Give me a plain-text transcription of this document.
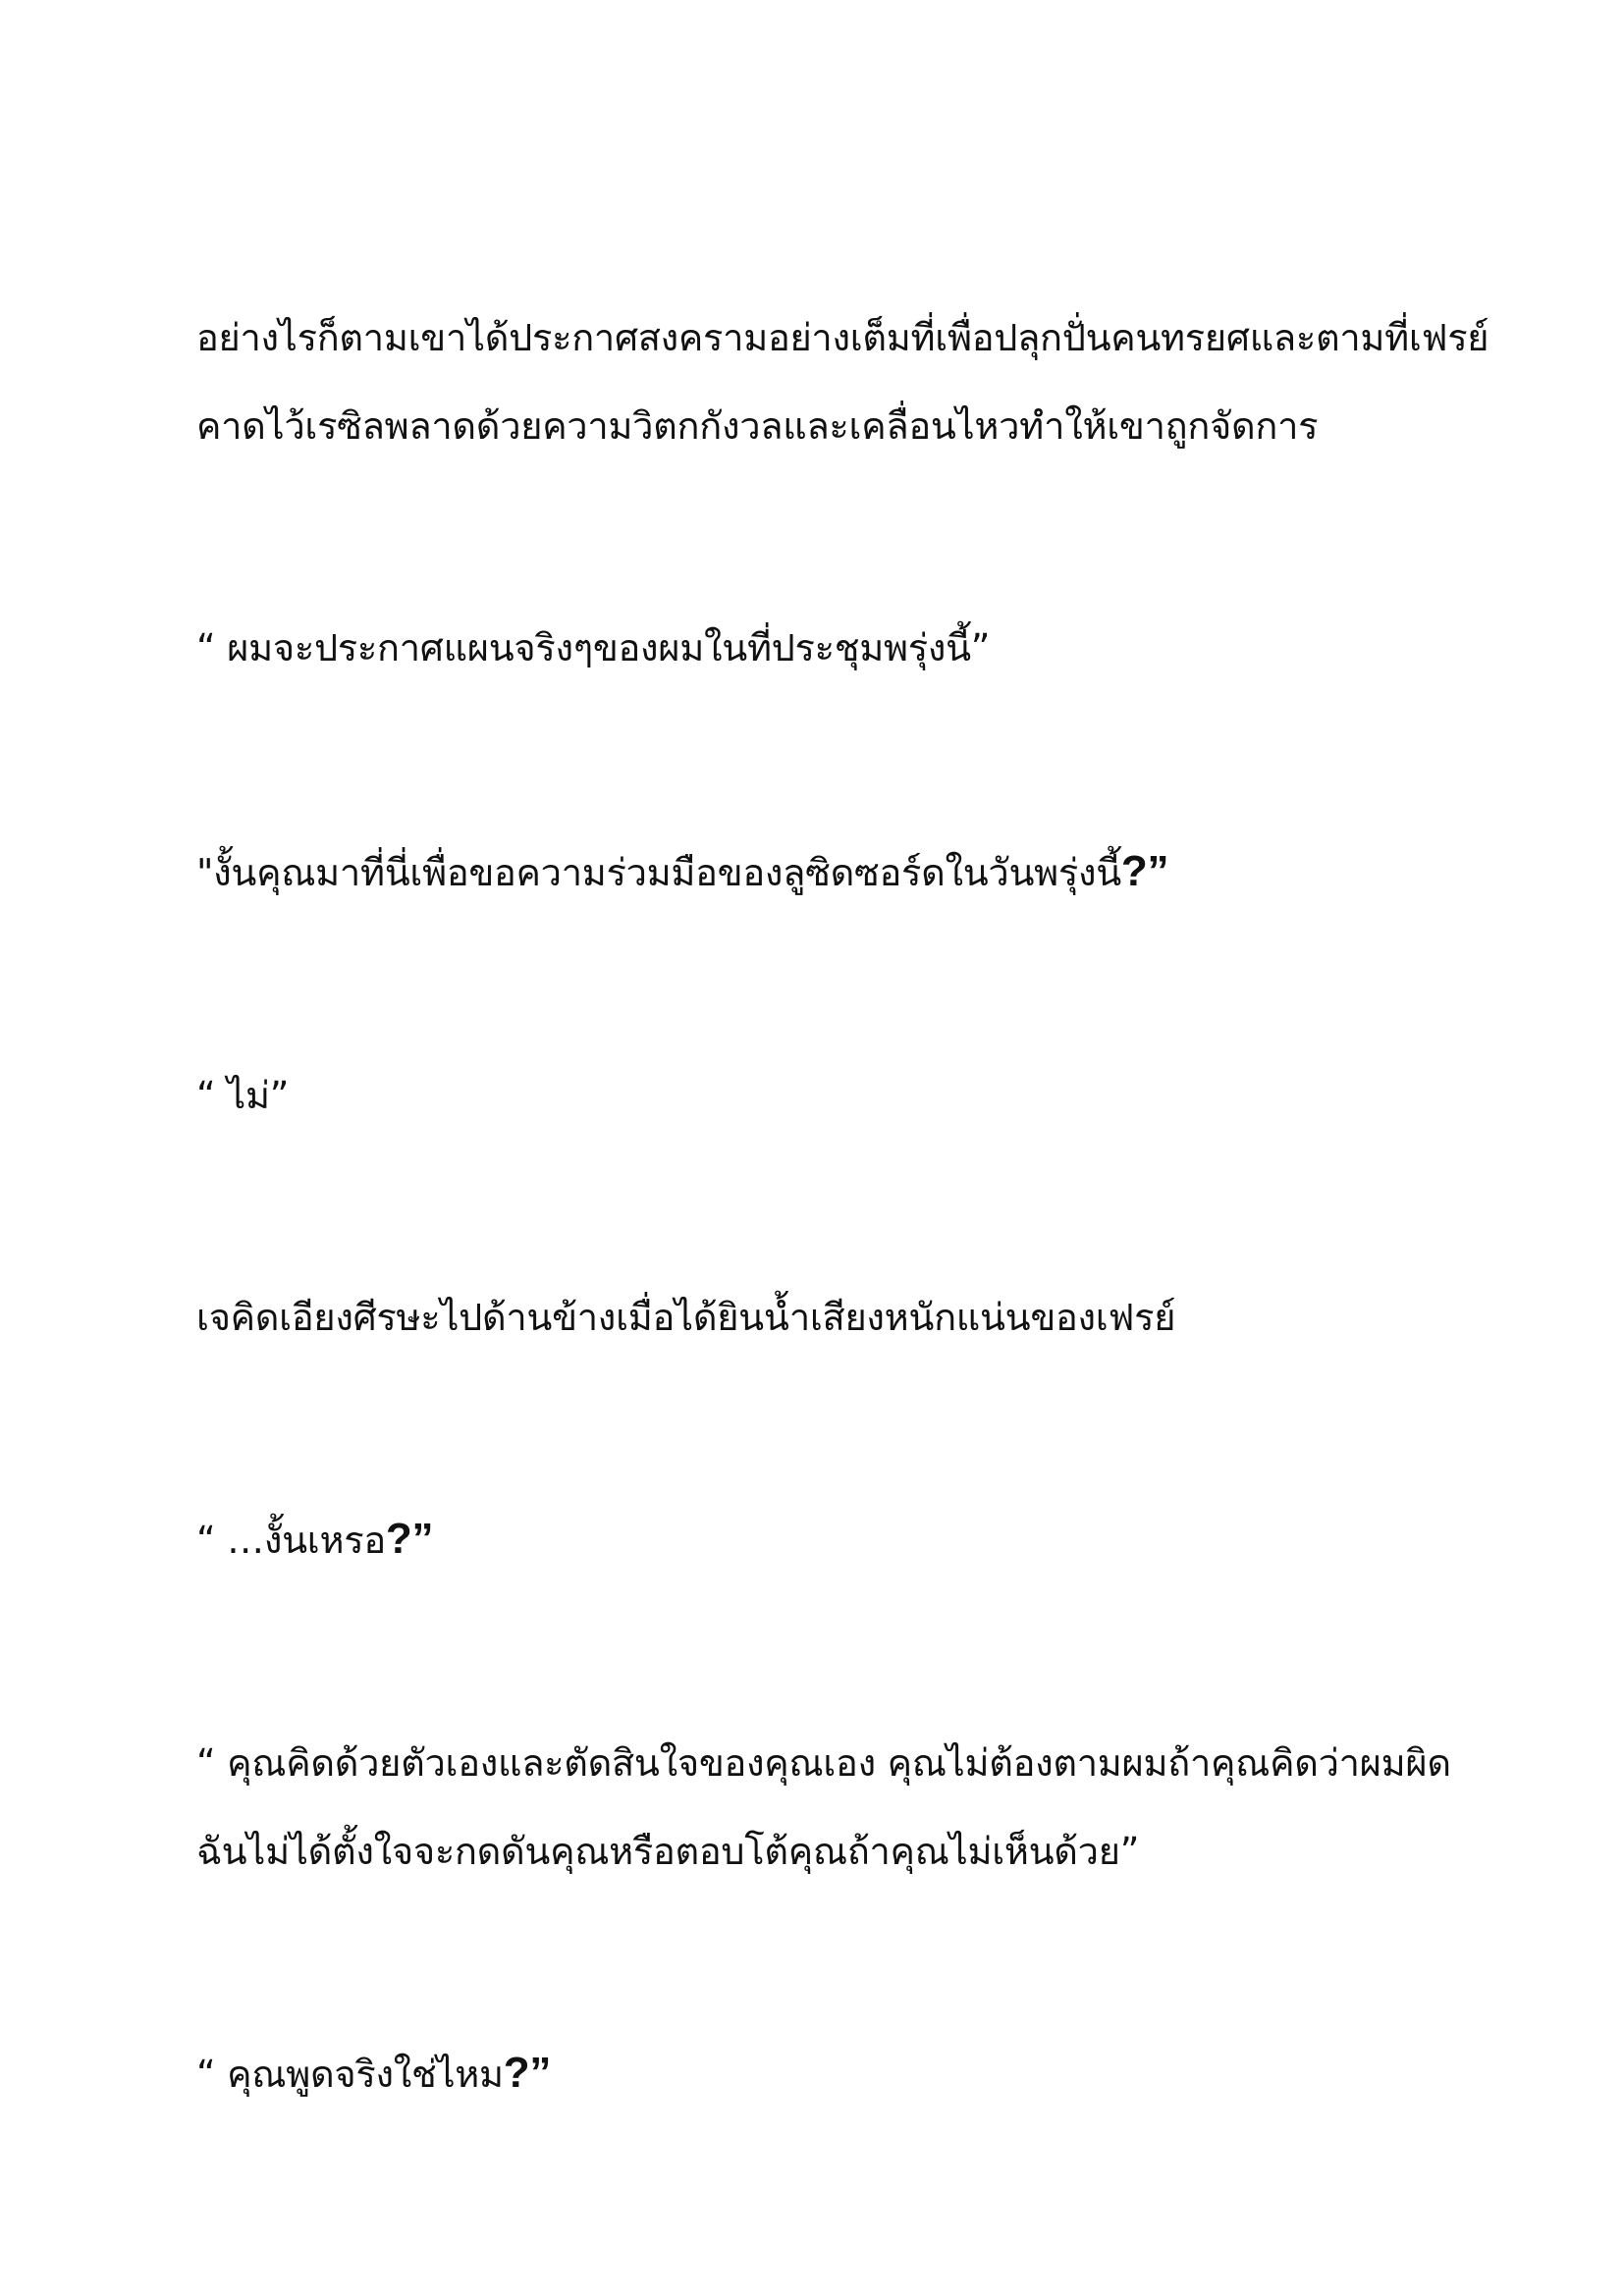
อย่างไรก็ตามเขาได้ประกาศสงครามอย่างเต็มที่เพื่อปลุกปั่นคนทรยศและตามที่เฟรย์

คาดไว้เรซิลพลาดด้วยความวิตกกังวลและเคลื่อนไหวทำให้เขาถูกจัดการ

“ ผมจะประกาศแผนจริงๆของผมในที่ประชุมพรุ่งนี้”

"งั้นคุณมาที่นี่เพื่อขอความร่วมมือของลูซิดซอร์ดในวันพรุ่งนี้?”

“ ไม่”

เจคิดเอียงศีรษะไปด้านข้างเมื่อได้ยินน้ำเสียงหนักแน่นของเฟรย์

“ …งั้นเหรอ?”

“ คุณคิดด้วยตัวเองและตัดสินใจของคุณเอง คุณไม่ต้องตามผมถ้าคุณคิดว่าผมผิด

ฉันไม่ได้ตั้งใจจะกดดันคุณหรือตอบโต้คุณถ้าคุณไม่เห็นด้วย”

“ คุณพูดจริงใช่ไหม?”
